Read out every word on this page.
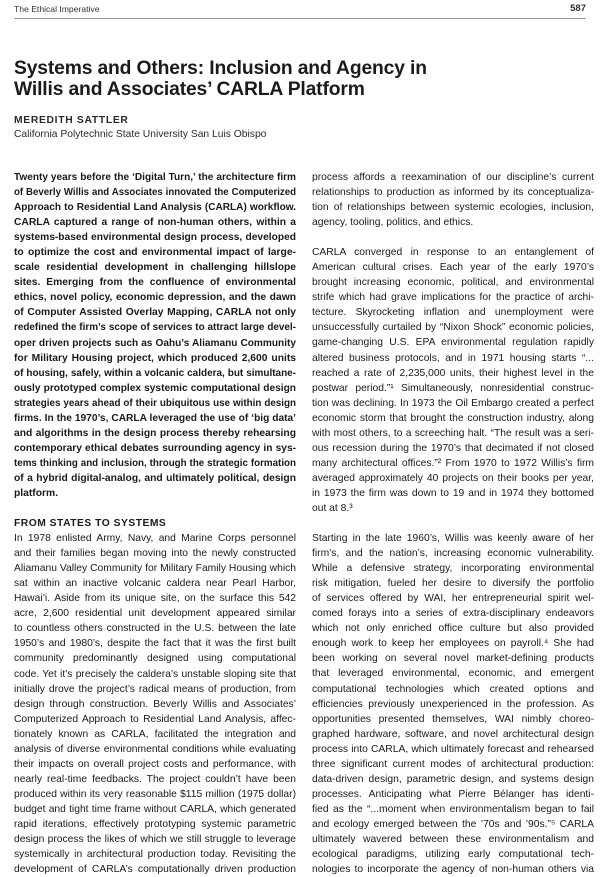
The Ethical Imperative	587
Systems and Others: Inclusion and Agency in
Willis and Associates’ CARLA Platform
MEREDITH SATTLER
California Polytechnic State University San Luis Obispo
Twenty years before the ‘Digital Turn,’ the architecture firm
of Beverly Willis and Associates innovated the Computerized
Approach to Residential Land Analysis (CARLA) workflow.
CARLA captured a range of non-human others, within a
systems-based environmental design process, developed
to optimize the cost and environmental impact of large-
scale residential development in challenging hillslope
sites. Emerging from the confluence of environmental
ethics, novel policy, economic depression, and the dawn
of Computer Assisted Overlay Mapping, CARLA not only
redefined the firm’s scope of services to attract large devel-
oper driven projects such as Oahu’s Aliamanu Community
for Military Housing project, which produced 2,600 units
of housing, safely, within a volcanic caldera, but simultane-
ously prototyped complex systemic computational design
strategies years ahead of their ubiquitous use within design
firms. In the 1970’s, CARLA leveraged the use of ‘big data’
and algorithms in the design process thereby rehearsing
contemporary ethical debates surrounding agency in sys-
tems thinking and inclusion, through the strategic formation
of a hybrid digital-analog, and ultimately political, design
platform.
FROM STATES TO SYSTEMS
In 1978 enlisted Army, Navy, and Marine Corps personnel
and their families began moving into the newly constructed
Aliamanu Valley Community for Military Family Housing which
sat within an inactive volcanic caldera near Pearl Harbor,
Hawai’i. Aside from its unique site, on the surface this 542
acre, 2,600 residential unit development appeared similar
to countless others constructed in the U.S. between the late
1950’s and 1980’s, despite the fact that it was the first built
community predominantly designed using computational
code. Yet it’s precisely the caldera’s unstable sloping site that
initially drove the project’s radical means of production, from
design through construction. Beverly Willis and Associates’
Computerized Approach to Residential Land Analysis, affec-
tionately known as CARLA, facilitated the integration and
analysis of diverse environmental conditions while evaluating
their impacts on overall project costs and performance, with
nearly real-time feedbacks. The project couldn’t have been
produced within its very reasonable $115 million (1975 dollar)
budget and tight time frame without CARLA, which generated
rapid iterations, effectively prototyping systemic parametric
design process the likes of which we still struggle to leverage
systemically in architectural production today. Revisiting the
development of CARLA’s computationally driven production
process affords a reexamination of our discipline’s current
relationships to production as informed by its conceptualiza-
tion of relationships between systemic ecologies, inclusion,
agency, tooling, politics, and ethics.
CARLA converged in response to an entanglement of
American cultural crises. Each year of the early 1970’s
brought increasing economic, political, and environmental
strife which had grave implications for the practice of archi-
tecture. Skyrocketing inflation and unemployment were
unsuccessfully curtailed by “Nixon Shock” economic policies,
game-changing U.S. EPA environmental regulation rapidly
altered business protocols, and in 1971 housing starts “...
reached a rate of 2,235,000 units, their highest level in the
postwar period.”¹ Simultaneously, nonresidential construc-
tion was declining. In 1973 the Oil Embargo created a perfect
economic storm that brought the construction industry, along
with most others, to a screeching halt. “The result was a seri-
ous recession during the 1970’s that decimated if not closed
many architectural offices.”² From 1970 to 1972 Willis’s firm
averaged approximately 40 projects on their books per year,
in 1973 the firm was down to 19 and in 1974 they bottomed
out at 8.³
Starting in the late 1960’s, Willis was keenly aware of her
firm’s, and the nation’s, increasing economic vulnerability.
While a defensive strategy, incorporating environmental
risk mitigation, fueled her desire to diversify the portfolio
of services offered by WAI, her entrepreneurial spirit wel-
comed forays into a series of extra-disciplinary endeavors
which not only enriched office culture but also provided
enough work to keep her employees on payroll.⁴ She had
been working on several novel market-defining products
that leveraged environmental, economic, and emergent
computational technologies which created options and
efficiencies previously unexperienced in the profession. As
opportunities presented themselves, WAI nimbly choreo-
graphed hardware, software, and novel architectural design
process into CARLA, which ultimately forecast and rehearsed
three significant current modes of architectural production:
data-driven design, parametric design, and systems design
processes. Anticipating what Pierre Bélanger has identi-
fied as the “...moment when environmentalism began to fail
and ecology emerged between the ’70s and ’90s.”⁵ CARLA
ultimately wavered between these environmentalism and
ecological paradigms, utilizing early computational tech-
nologies to incorporate the agency of non-human others via
